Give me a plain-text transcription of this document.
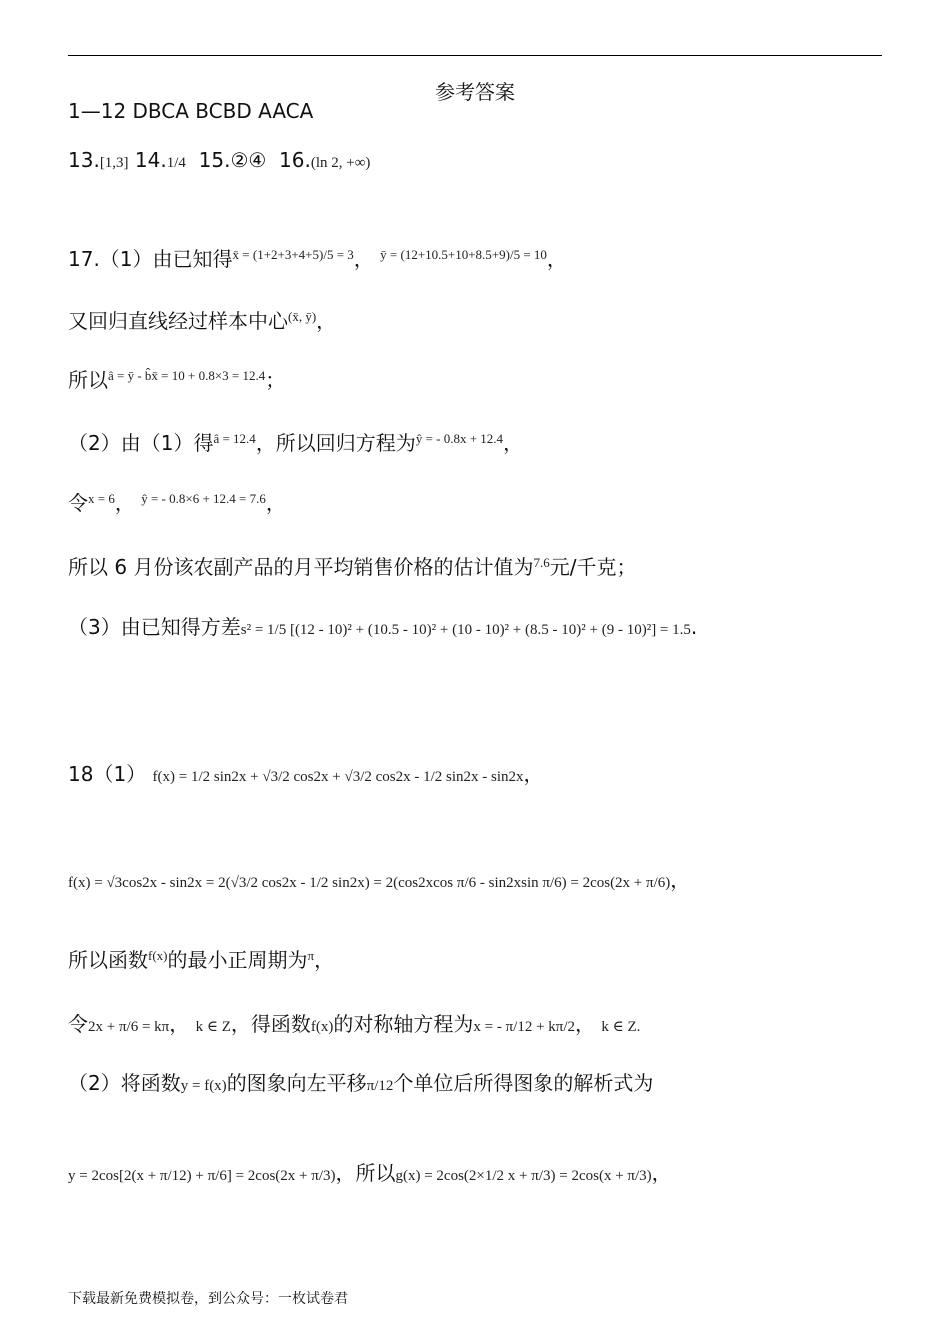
参考答案
1—12 DBCA BCBD AACA
13.[1,3] 14.1/4 15.②④ 16.(ln 2, +∞)
17.（1）由已知得$^{x̄ = (1+2+3+4+5)/5 = 3}$， $^{ȳ = (12+10.5+10+8.5+9)/5 = 10}$，
又回归直线经过样本中心$^{(x̄, ȳ)}$，
所以$^{â = ȳ - b̂x̄ = 10 + 0.8\times 3 = 12.4}$；
（2）由（1）得$^{â = 12.4}$，所以回归方程为$^{ŷ = - 0.8x + 12.4}$，
令$^{x = 6}$， $^{ŷ = - 0.8\times 6 + 12.4 = 7.6}$，
所以 6 月份该农副产品的月平均销售价格的估计值为$^{7.6}$元/千克；
（3）由已知得方差s² = 1/5 [(12 - 10)² + (10.5 - 10)² + (10 - 10)² + (8.5 - 10)² + (9 - 10)²] = 1.5.
18（1） f(x) = 1/2 sin2x + √3/2 cos2x + √3/2 cos2x - 1/2 sin2x - sin2x，
f(x) = √3cos2x - sin2x = 2(√3/2 cos2x - 1/2 sin2x) = 2(cos2xcos π/6 - sin2xsin π/6) = 2cos(2x + π/6)，
所以函数$^{f(x)}$的最小正周期为$^\pi$，
令2x + π/6 = kπ， k ∈ Z，得函数f(x)的对称轴方程为x = - π/12 + kπ/2， k ∈ Z.
（2）将函数y = f(x)的图象向左平移π/12个单位后所得图象的解析式为
y = 2cos[2(x + π/12) + π/6] = 2cos(2x + π/3)，所以g(x) = 2cos(2×1/2 x + π/3) = 2cos(x + π/3)，
下载最新免费模拟卷，到公众号：一枚试卷君
